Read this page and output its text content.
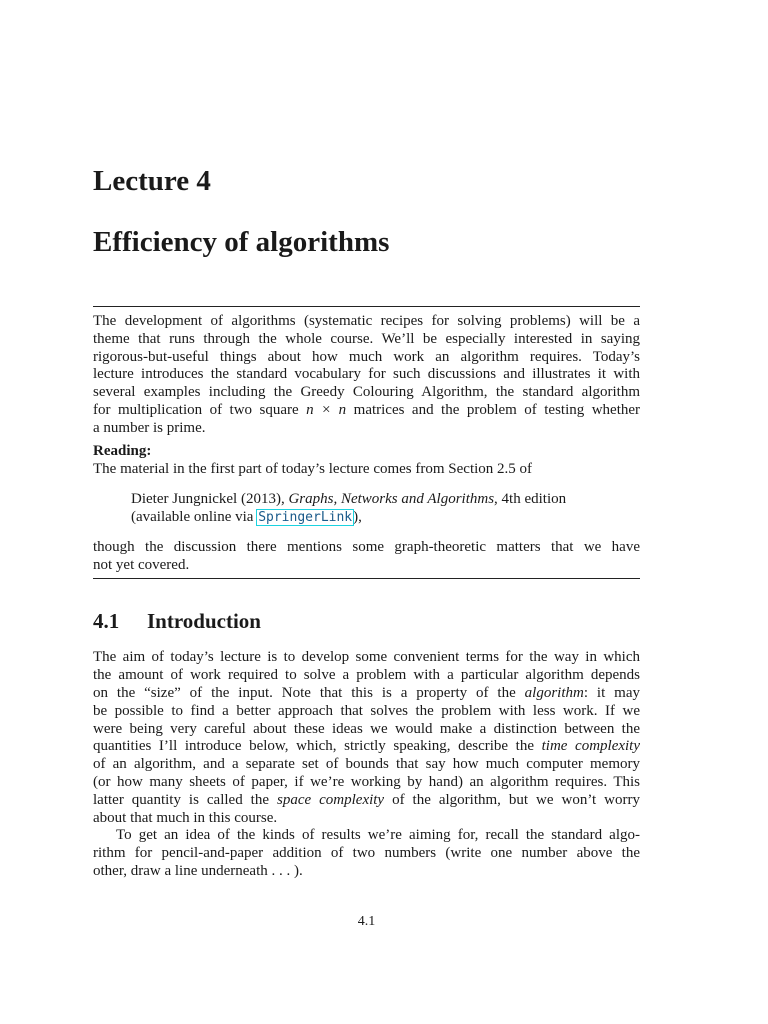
Lecture 4
Efficiency of algorithms

The development of algorithms (systematic recipes for solving problems) will be a

theme that runs through the whole course. We’ll be especially interested in saying

rigorous-but-useful things about how much work an algorithm requires. Today’s

lecture introduces the standard vocabulary for such discussions and illustrates it with

several examples including the Greedy Colouring Algorithm, the standard algorithm

for multiplication of two square n × n matrices and the problem of testing whether

a number is prime.

Reading:

The material in the first part of today’s lecture comes from Section 2.5 of

Dieter Jungnickel (2013), Graphs, Networks and Algorithms, 4th edition

(available online via SpringerLink),

though the discussion there mentions some graph-theoretic matters that we have

not yet covered.

4.1 Introduction

The aim of today’s lecture is to develop some convenient terms for the way in which

the amount of work required to solve a problem with a particular algorithm depends

on the “size” of the input. Note that this is a property of the algorithm: it may

be possible to find a better approach that solves the problem with less work. If we

were being very careful about these ideas we would make a distinction between the

quantities I’ll introduce below, which, strictly speaking, describe the time complexity

of an algorithm, and a separate set of bounds that say how much computer memory

(or how many sheets of paper, if we’re working by hand) an algorithm requires. This

latter quantity is called the space complexity of the algorithm, but we won’t worry

about that much in this course.

To get an idea of the kinds of results we’re aiming for, recall the standard algo-

rithm for pencil-and-paper addition of two numbers (write one number above the

other, draw a line underneath . . . ).

4.1
